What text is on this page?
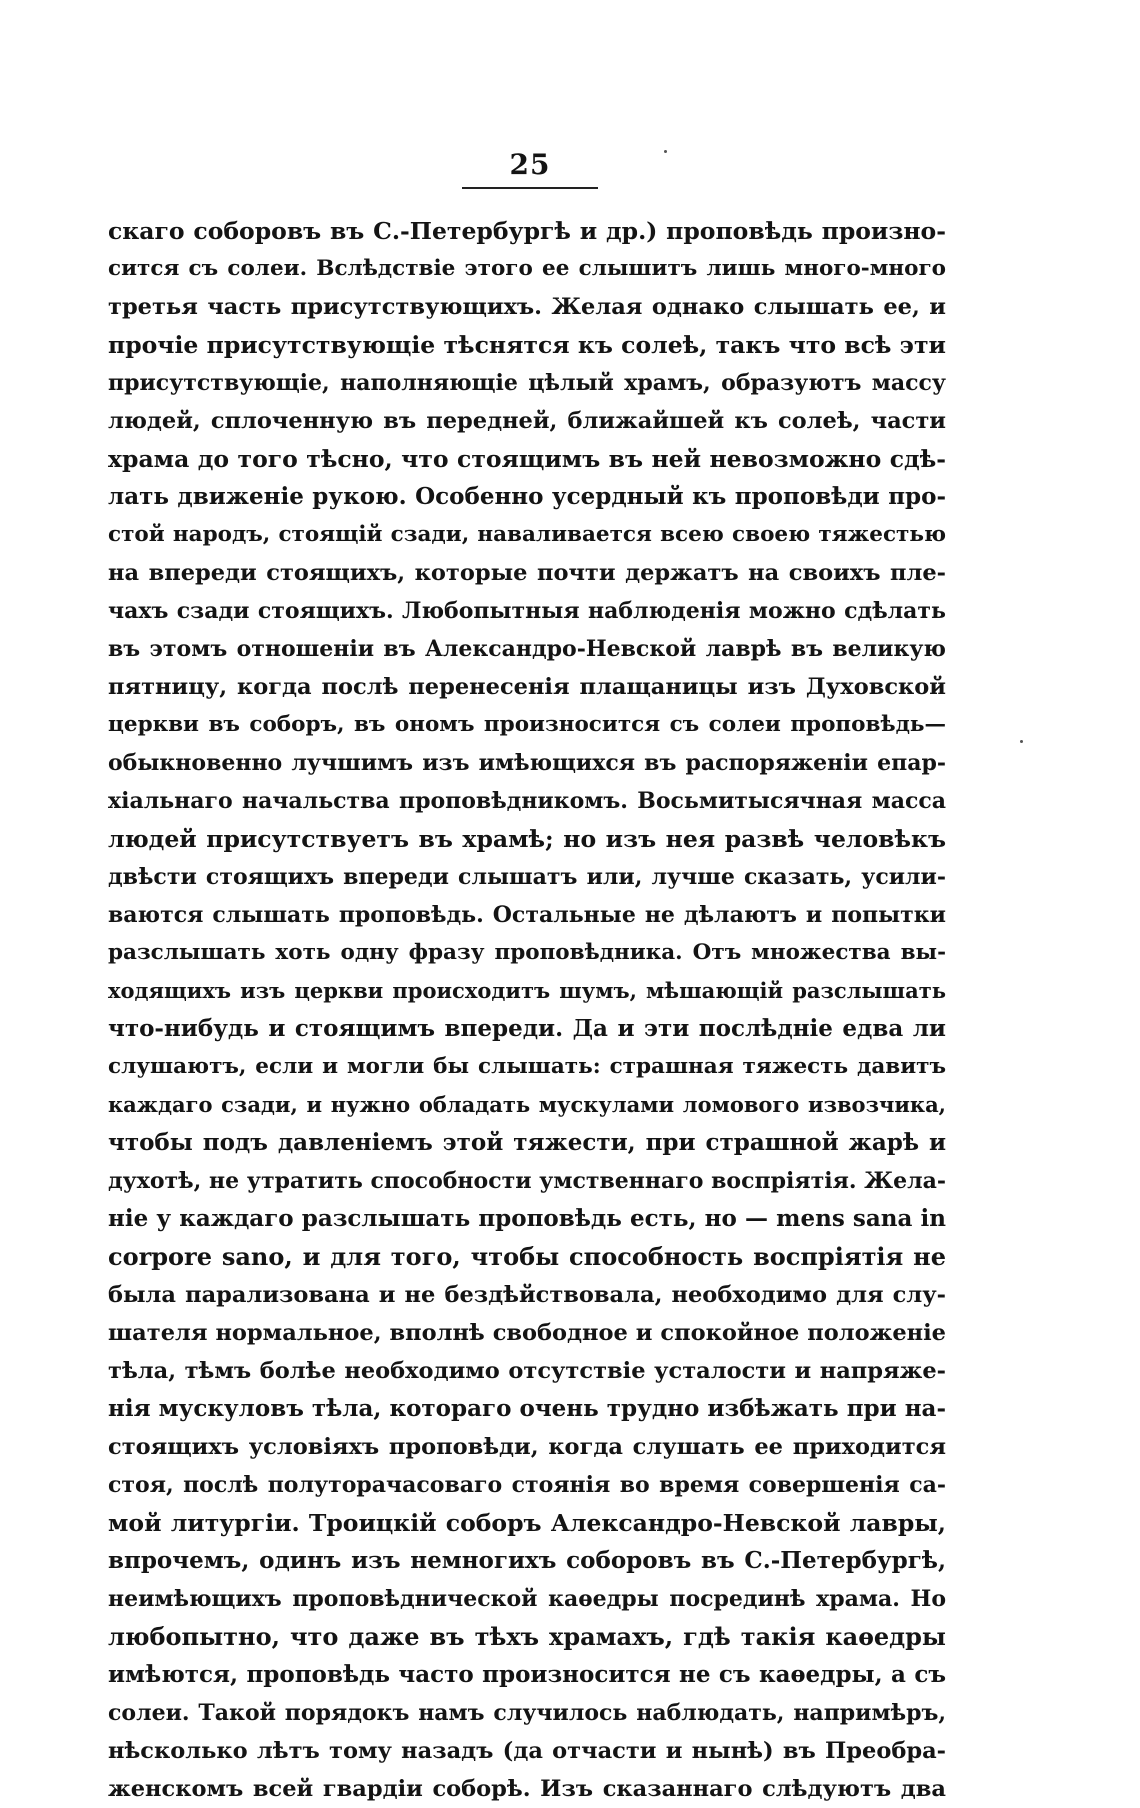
25
скаго соборовъ въ С.-Петербургѣ и др.) проповѣдь произно-
сится съ солеи. Вслѣдствіе этого ее слышитъ лишь много-много
третья часть присутствующихъ. Желая однако слышать ее, и
прочіе присутствующіе тѣснятся къ солеѣ, такъ что всѣ эти
присутствующіе, наполняющіе цѣлый храмъ, образуютъ массу
людей, сплоченную въ передней, ближайшей къ солеѣ, части
храма до того тѣсно, что стоящимъ въ ней невозможно сдѣ-
лать движеніе рукою. Особенно усердный къ проповѣди про-
стой народъ, стоящій сзади, наваливается всею своею тяжестью
на впереди стоящихъ, которые почти держатъ на своихъ пле-
чахъ сзади стоящихъ. Любопытныя наблюденія можно сдѣлать
въ этомъ отношеніи въ Александро-Невской лаврѣ въ великую
пятницу, когда послѣ перенесенія плащаницы изъ Духовской
церкви въ соборъ, въ ономъ произносится съ солеи проповѣдь—
обыкновенно лучшимъ изъ имѣющихся въ распоряженіи епар-
хіальнаго начальства проповѣдникомъ. Восьмитысячная масса
людей присутствуетъ въ храмѣ; но изъ нея развѣ человѣкъ
двѣсти стоящихъ впереди слышатъ или, лучше сказать, усили-
ваются слышать проповѣдь. Остальные не дѣлаютъ и попытки
разслышать хоть одну фразу проповѣдника. Отъ множества вы-
ходящихъ изъ церкви происходитъ шумъ, мѣшающій разслышать
что-нибудь и стоящимъ впереди. Да и эти послѣдніе едва ли
слушаютъ, если и могли бы слышать: страшная тяжесть давитъ
каждаго сзади, и нужно обладать мускулами ломового извозчика,
чтобы подъ давленіемъ этой тяжести, при страшной жарѣ и
духотѣ, не утратить способности умственнаго воспріятія. Жела-
ніе у каждаго разслышать проповѣдь есть, но — mens sana in
corpore sano, и для того, чтобы способность воспріятія не
была парализована и не бездѣйствовала, необходимо для слу-
шателя нормальное, вполнѣ свободное и спокойное положеніе
тѣла, тѣмъ болѣе необходимо отсутствіе усталости и напряже-
нія мускуловъ тѣла, котораго очень трудно избѣжать при на-
стоящихъ условіяхъ проповѣди, когда слушать ее приходится
стоя, послѣ полуторачасоваго стоянія во время совершенія са-
мой литургіи. Троицкій соборъ Александро-Невской лавры,
впрочемъ, одинъ изъ немногихъ соборовъ въ С.-Петербургѣ,
неимѣющихъ проповѣднической каѳедры посрединѣ храма. Но
любопытно, что даже въ тѣхъ храмахъ, гдѣ такія каѳедры
имѣются, проповѣдь часто произносится не съ каѳедры, а съ
солеи. Такой порядокъ намъ случилось наблюдать, напримѣръ,
нѣсколько лѣтъ тому назадъ (да отчасти и нынѣ) въ Преобра-
женскомъ всей гвардіи соборѣ. Изъ сказаннаго слѣдуютъ два
